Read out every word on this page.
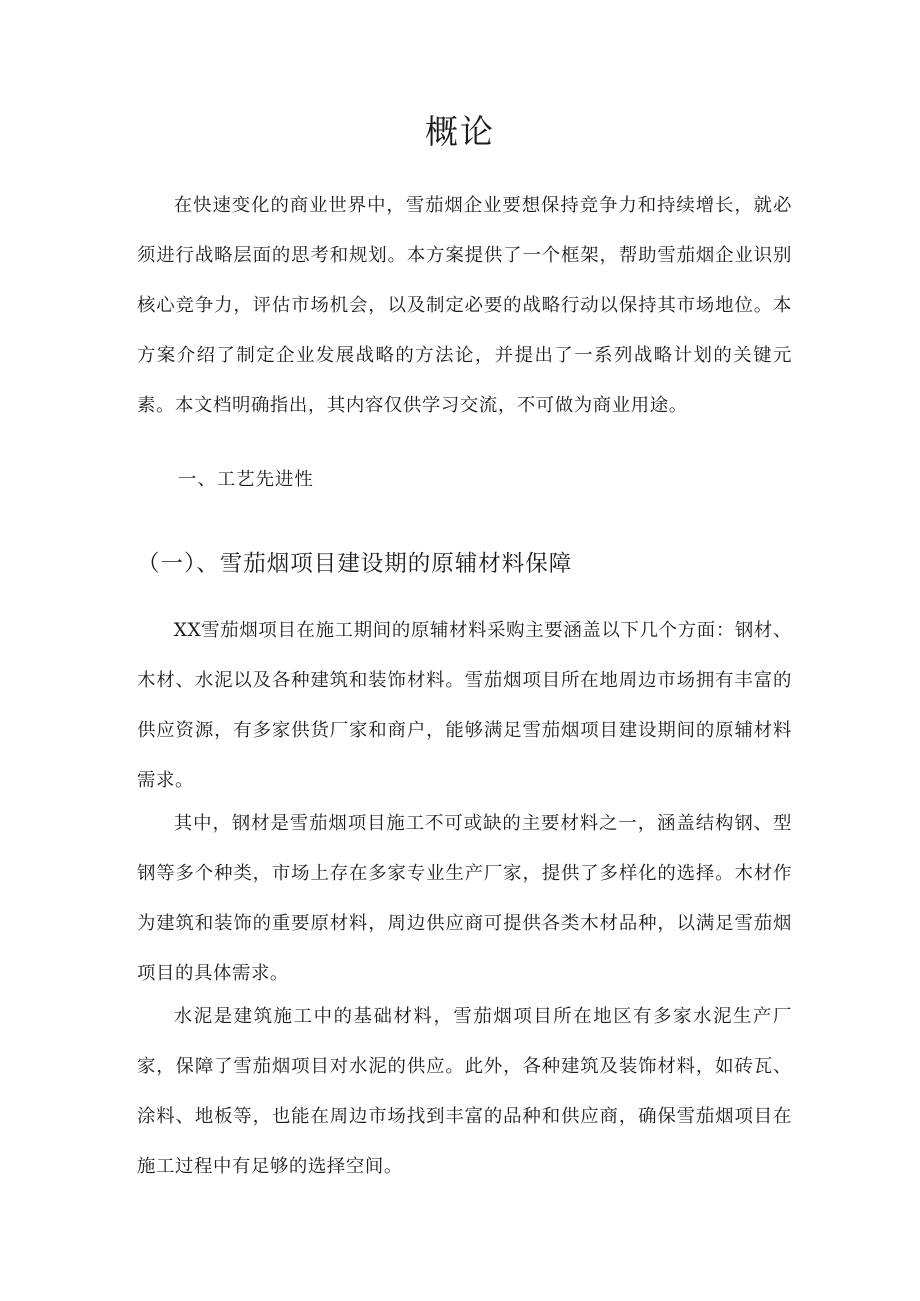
概论

在快速变化的商业世界中，雪茄烟企业要想保持竞争力和持续增长，就必须进行战略层面的思考和规划。本方案提供了一个框架，帮助雪茄烟企业识别核心竞争力，评估市场机会，以及制定必要的战略行动以保持其市场地位。本方案介绍了制定企业发展战略的方法论，并提出了一系列战略计划的关键元素。本文档明确指出，其内容仅供学习交流，不可做为商业用途。

一、工艺先进性
（一）、雪茄烟项目建设期的原辅材料保障

XX雪茄烟项目在施工期间的原辅材料采购主要涵盖以下几个方面：钢材、木材、水泥以及各种建筑和装饰材料。雪茄烟项目所在地周边市场拥有丰富的供应资源，有多家供货厂家和商户，能够满足雪茄烟项目建设期间的原辅材料需求。

其中，钢材是雪茄烟项目施工不可或缺的主要材料之一，涵盖结构钢、型钢等多个种类，市场上存在多家专业生产厂家，提供了多样化的选择。木材作为建筑和装饰的重要原材料，周边供应商可提供各类木材品种，以满足雪茄烟项目的具体需求。

水泥是建筑施工中的基础材料，雪茄烟项目所在地区有多家水泥生产厂家，保障了雪茄烟项目对水泥的供应。此外，各种建筑及装饰材料，如砖瓦、涂料、地板等，也能在周边市场找到丰富的品种和供应商，确保雪茄烟项目在施工过程中有足够的选择空间。
